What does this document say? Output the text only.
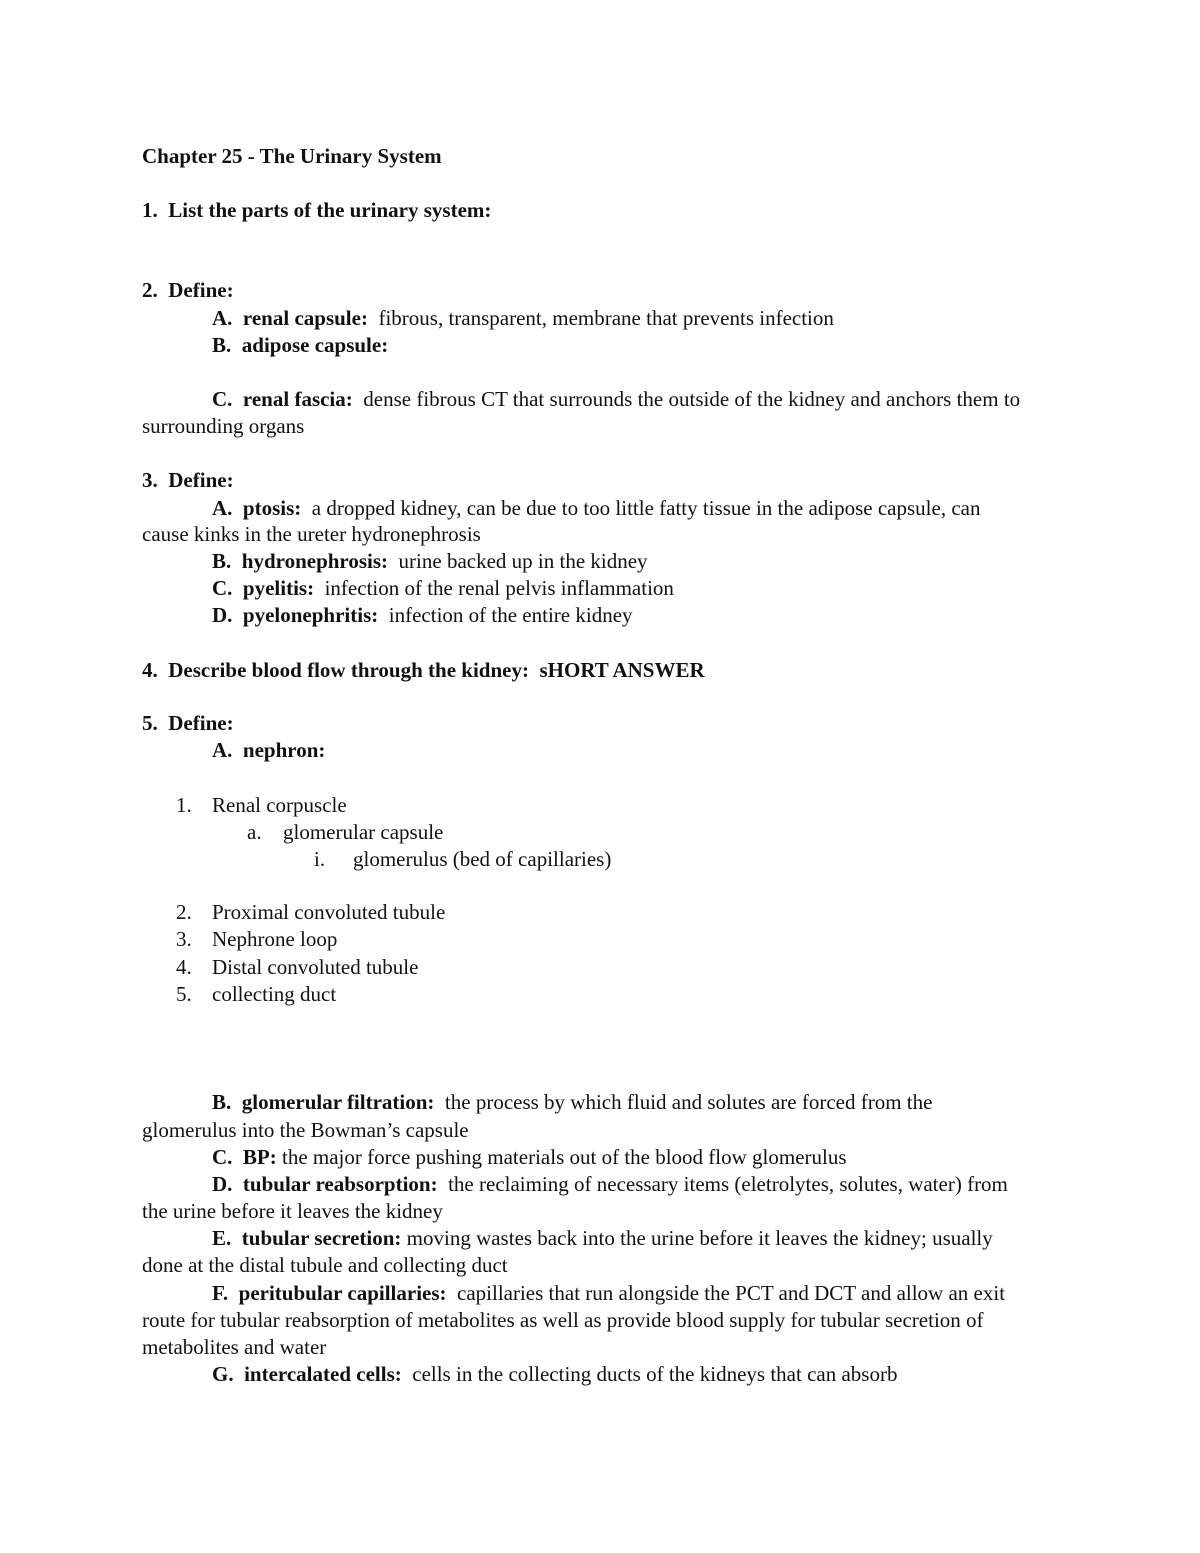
Chapter 25 - The Urinary System
1. List the parts of the urinary system:
2. Define:
A. renal capsule: fibrous, transparent, membrane that prevents infection
B. adipose capsule:
C. renal fascia: dense fibrous CT that surrounds the outside of the kidney and anchors them to
surrounding organs
3. Define:
A. ptosis: a dropped kidney, can be due to too little fatty tissue in the adipose capsule, can
cause kinks in the ureter hydronephrosis
B. hydronephrosis: urine backed up in the kidney
C. pyelitis: infection of the renal pelvis inflammation
D. pyelonephritis: infection of the entire kidney
4. Describe blood flow through the kidney: sHORT ANSWER
5. Define:
A. nephron:
1. Renal corpuscle
a. glomerular capsule
i. glomerulus (bed of capillaries)
2. Proximal convoluted tubule
3. Nephrone loop
4. Distal convoluted tubule
5. collecting duct
B. glomerular filtration: the process by which fluid and solutes are forced from the
glomerulus into the Bowman’s capsule
C. BP: the major force pushing materials out of the blood flow glomerulus
D. tubular reabsorption: the reclaiming of necessary items (eletrolytes, solutes, water) from
the urine before it leaves the kidney
E. tubular secretion: moving wastes back into the urine before it leaves the kidney; usually
done at the distal tubule and collecting duct
F. peritubular capillaries: capillaries that run alongside the PCT and DCT and allow an exit
route for tubular reabsorption of metabolites as well as provide blood supply for tubular secretion of
metabolites and water
G. intercalated cells: cells in the collecting ducts of the kidneys that can absorb
